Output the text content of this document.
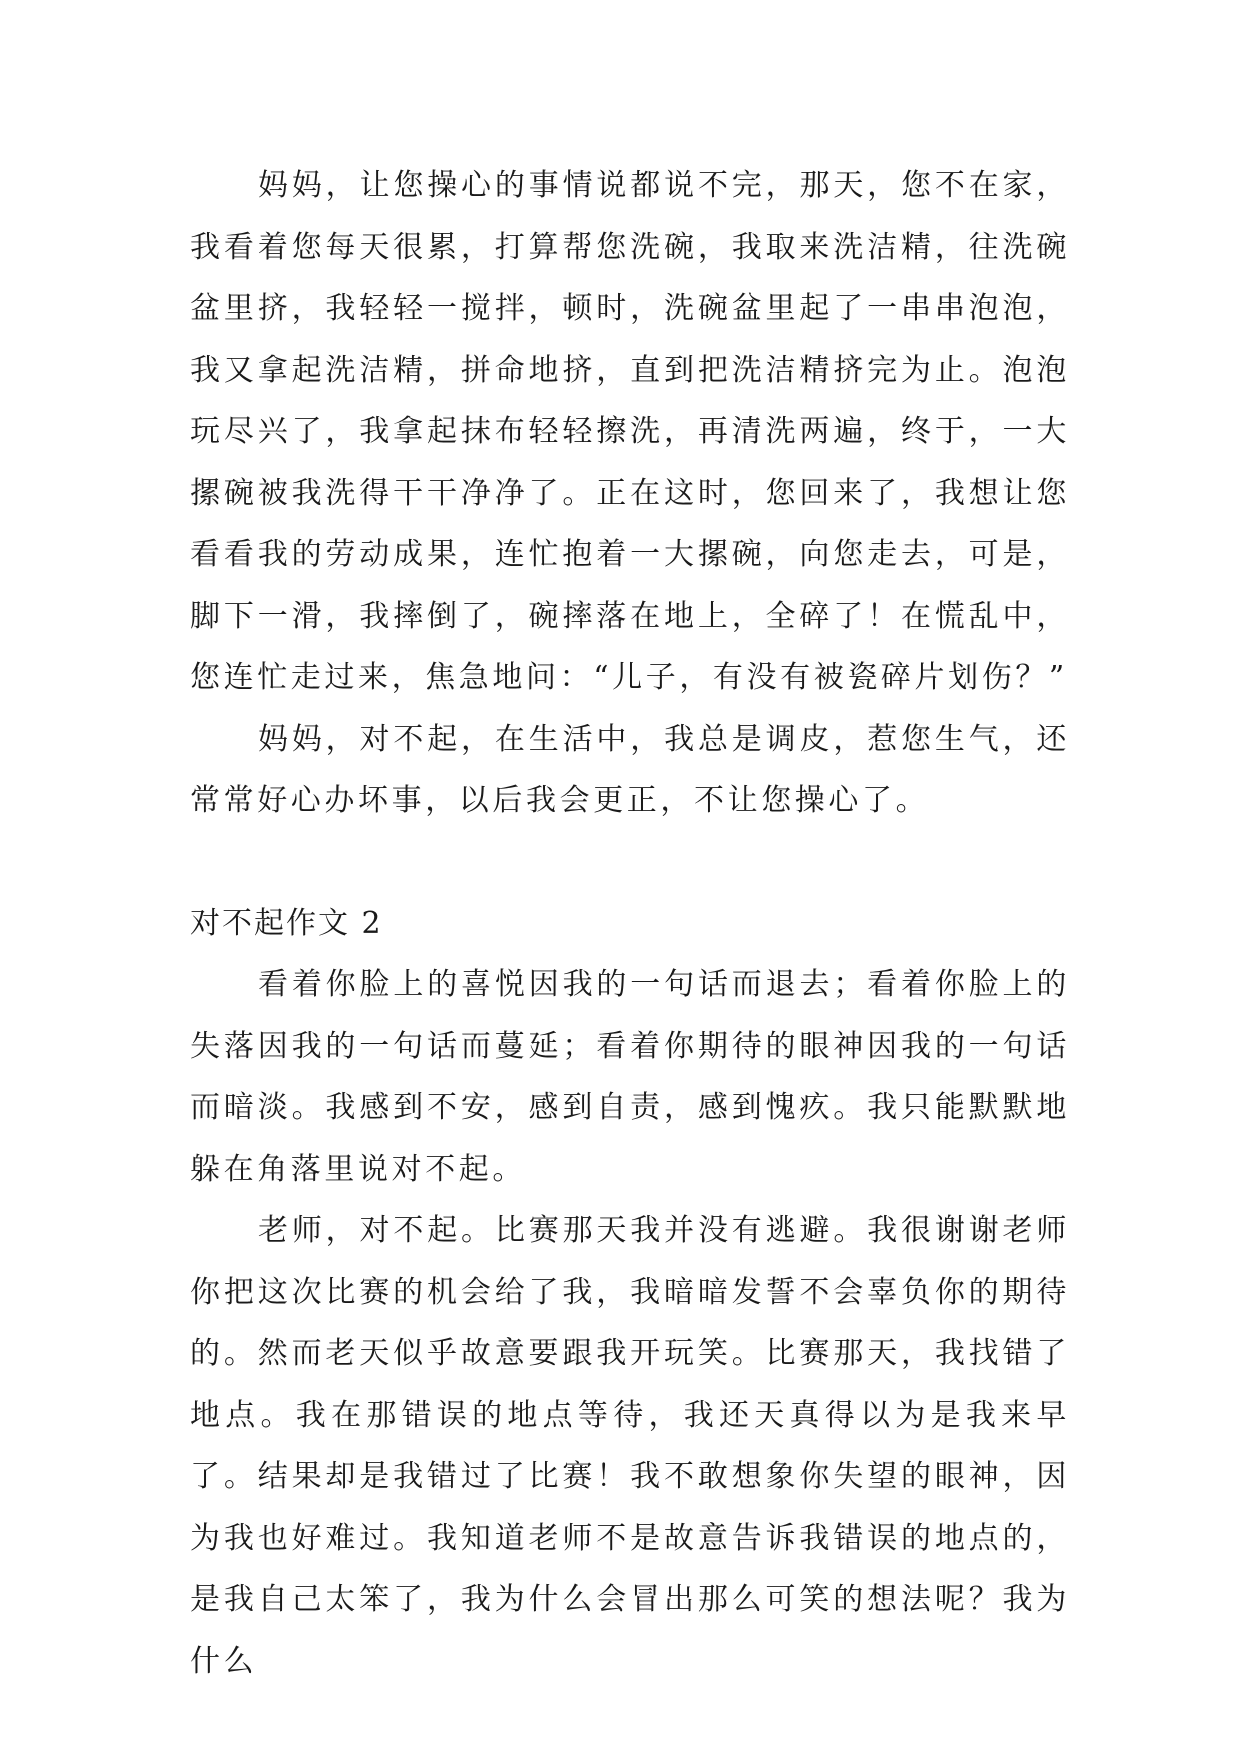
妈妈，让您操心的事情说都说不完，那天，您不在家，我看着您每天很累，打算帮您洗碗，我取来洗洁精，往洗碗盆里挤，我轻轻一搅拌，顿时，洗碗盆里起了一串串泡泡，我又拿起洗洁精，拼命地挤，直到把洗洁精挤完为止。泡泡玩尽兴了，我拿起抹布轻轻擦洗，再清洗两遍，终于，一大摞碗被我洗得干干净净了。正在这时，您回来了，我想让您看看我的劳动成果，连忙抱着一大摞碗，向您走去，可是，脚下一滑，我摔倒了，碗摔落在地上，全碎了！在慌乱中，您连忙走过来，焦急地问：“儿子，有没有被瓷碎片划伤？”

妈妈，对不起，在生活中，我总是调皮，惹您生气，还常常好心办坏事，以后我会更正，不让您操心了。

对不起作文 2

看着你脸上的喜悦因我的一句话而退去；看着你脸上的失落因我的一句话而蔓延；看着你期待的眼神因我的一句话而暗淡。我感到不安，感到自责，感到愧疚。我只能默默地躲在角落里说对不起。

老师，对不起。比赛那天我并没有逃避。我很谢谢老师你把这次比赛的机会给了我，我暗暗发誓不会辜负你的期待的。然而老天似乎故意要跟我开玩笑。比赛那天，我找错了地点。我在那错误的地点等待，我还天真得以为是我来早了。结果却是我错过了比赛！我不敢想象你失望的眼神，因为我也好难过。我知道老师不是故意告诉我错误的地点的，是我自己太笨了，我为什么会冒出那么可笑的想法呢？我为什么
